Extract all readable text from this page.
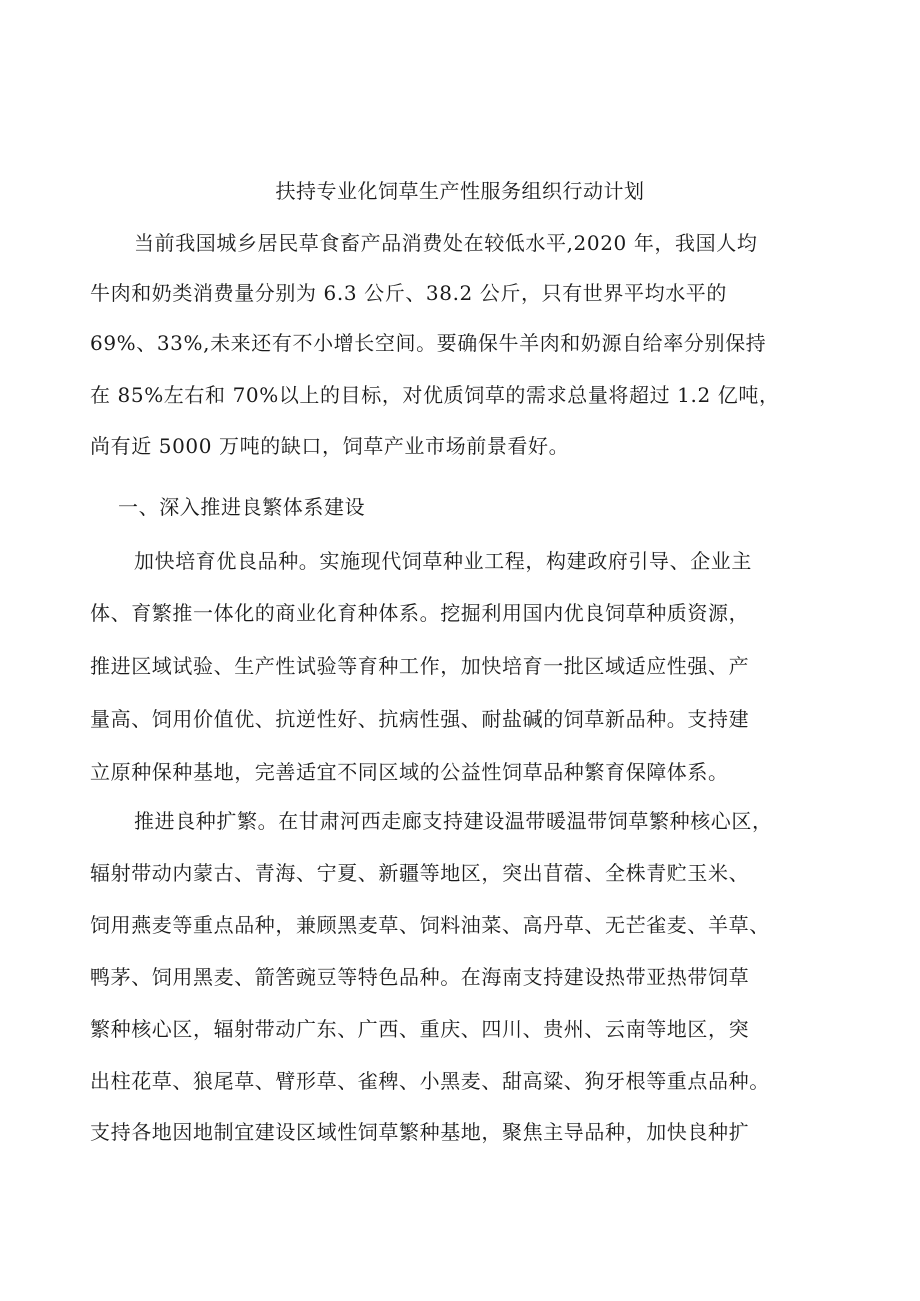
扶持专业化饲草生产性服务组织行动计划
当前我国城乡居民草食畜产品消费处在较低水平,2020 年，我国人均
牛肉和奶类消费量分别为 6.3 公斤、38.2 公斤，只有世界平均水平的
69%、33%,未来还有不小增长空间。要确保牛羊肉和奶源自给率分别保持
在 85%左右和 70%以上的目标，对优质饲草的需求总量将超过 1.2 亿吨，
尚有近 5000 万吨的缺口，饲草产业市场前景看好。
一、深入推进良繁体系建设
加快培育优良品种。实施现代饲草种业工程，构建政府引导、企业主
体、育繁推一体化的商业化育种体系。挖掘利用国内优良饲草种质资源，
推进区域试验、生产性试验等育种工作，加快培育一批区域适应性强、产
量高、饲用价值优、抗逆性好、抗病性强、耐盐碱的饲草新品种。支持建
立原种保种基地，完善适宜不同区域的公益性饲草品种繁育保障体系。
推进良种扩繁。在甘肃河西走廊支持建设温带暖温带饲草繁种核心区，
辐射带动内蒙古、青海、宁夏、新疆等地区，突出苜蓿、全株青贮玉米、
饲用燕麦等重点品种，兼顾黑麦草、饲料油菜、高丹草、无芒雀麦、羊草、
鸭茅、饲用黑麦、箭筈豌豆等特色品种。在海南支持建设热带亚热带饲草
繁种核心区，辐射带动广东、广西、重庆、四川、贵州、云南等地区，突
出柱花草、狼尾草、臂形草、雀稗、小黑麦、甜高粱、狗牙根等重点品种。
支持各地因地制宜建设区域性饲草繁种基地，聚焦主导品种，加快良种扩
